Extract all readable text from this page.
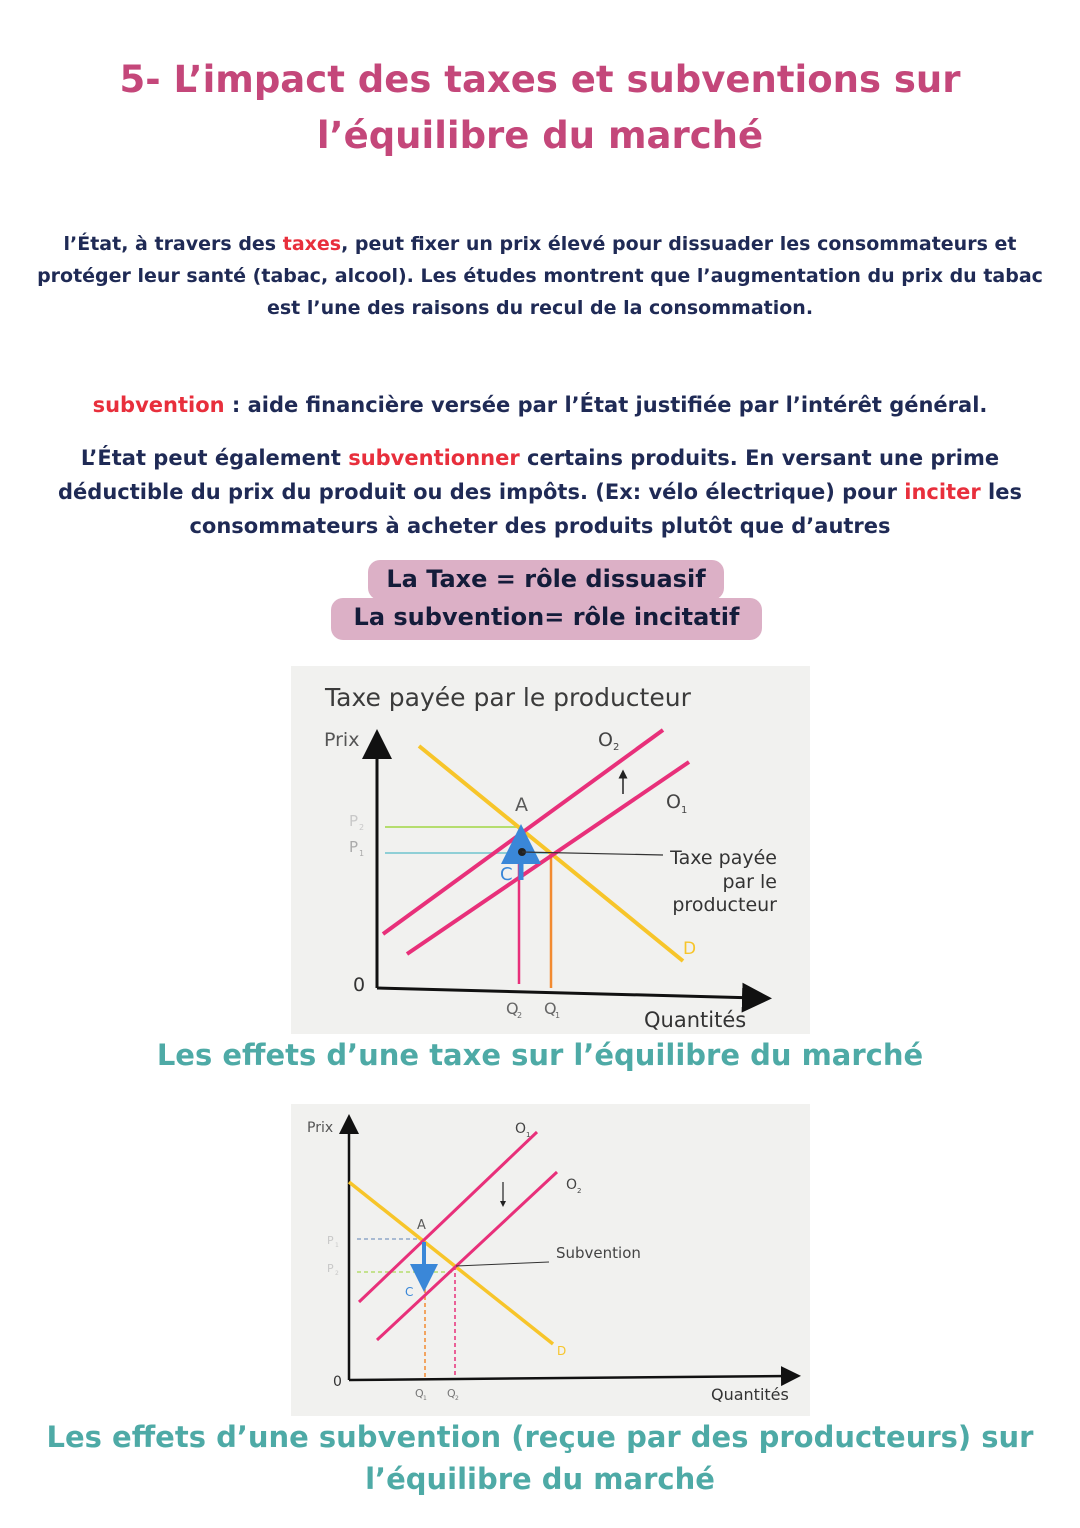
5- L’impact des taxes et subventions sur
l’équilibre du marché

l’État, à travers des taxes, peut fixer un prix élevé pour dissuader les consommateurs et protéger leur santé (tabac, alcool). Les études montrent que l’augmentation du prix du tabac est l’une des raisons du recul de la consommation.

subvention : aide financière versée par l’État justifiée par l’intérêt général.

L’État peut également subventionner certains produits. En versant une prime déductible du prix du produit ou des impôts. (Ex: vélo électrique) pour inciter les consommateurs à acheter des produits plutôt que d’autres

La Taxe = rôle dissuasif
La subvention= rôle incitatif
Taxe payée par le producteur
Prix
0
Quantités
A
C
O 2
O 1
D
P 2
P 1
Q
2 Q
1
Taxe payée
par le
producteur

Les effets d’une taxe sur l’équilibre du marché

Prix
0
Quantités
A
C
O 1
O 2
D
P 1
P 2
Q 1 Q 2
Subvention

Les effets d’une subvention (reçue par des producteurs) sur
l’équilibre du marché
